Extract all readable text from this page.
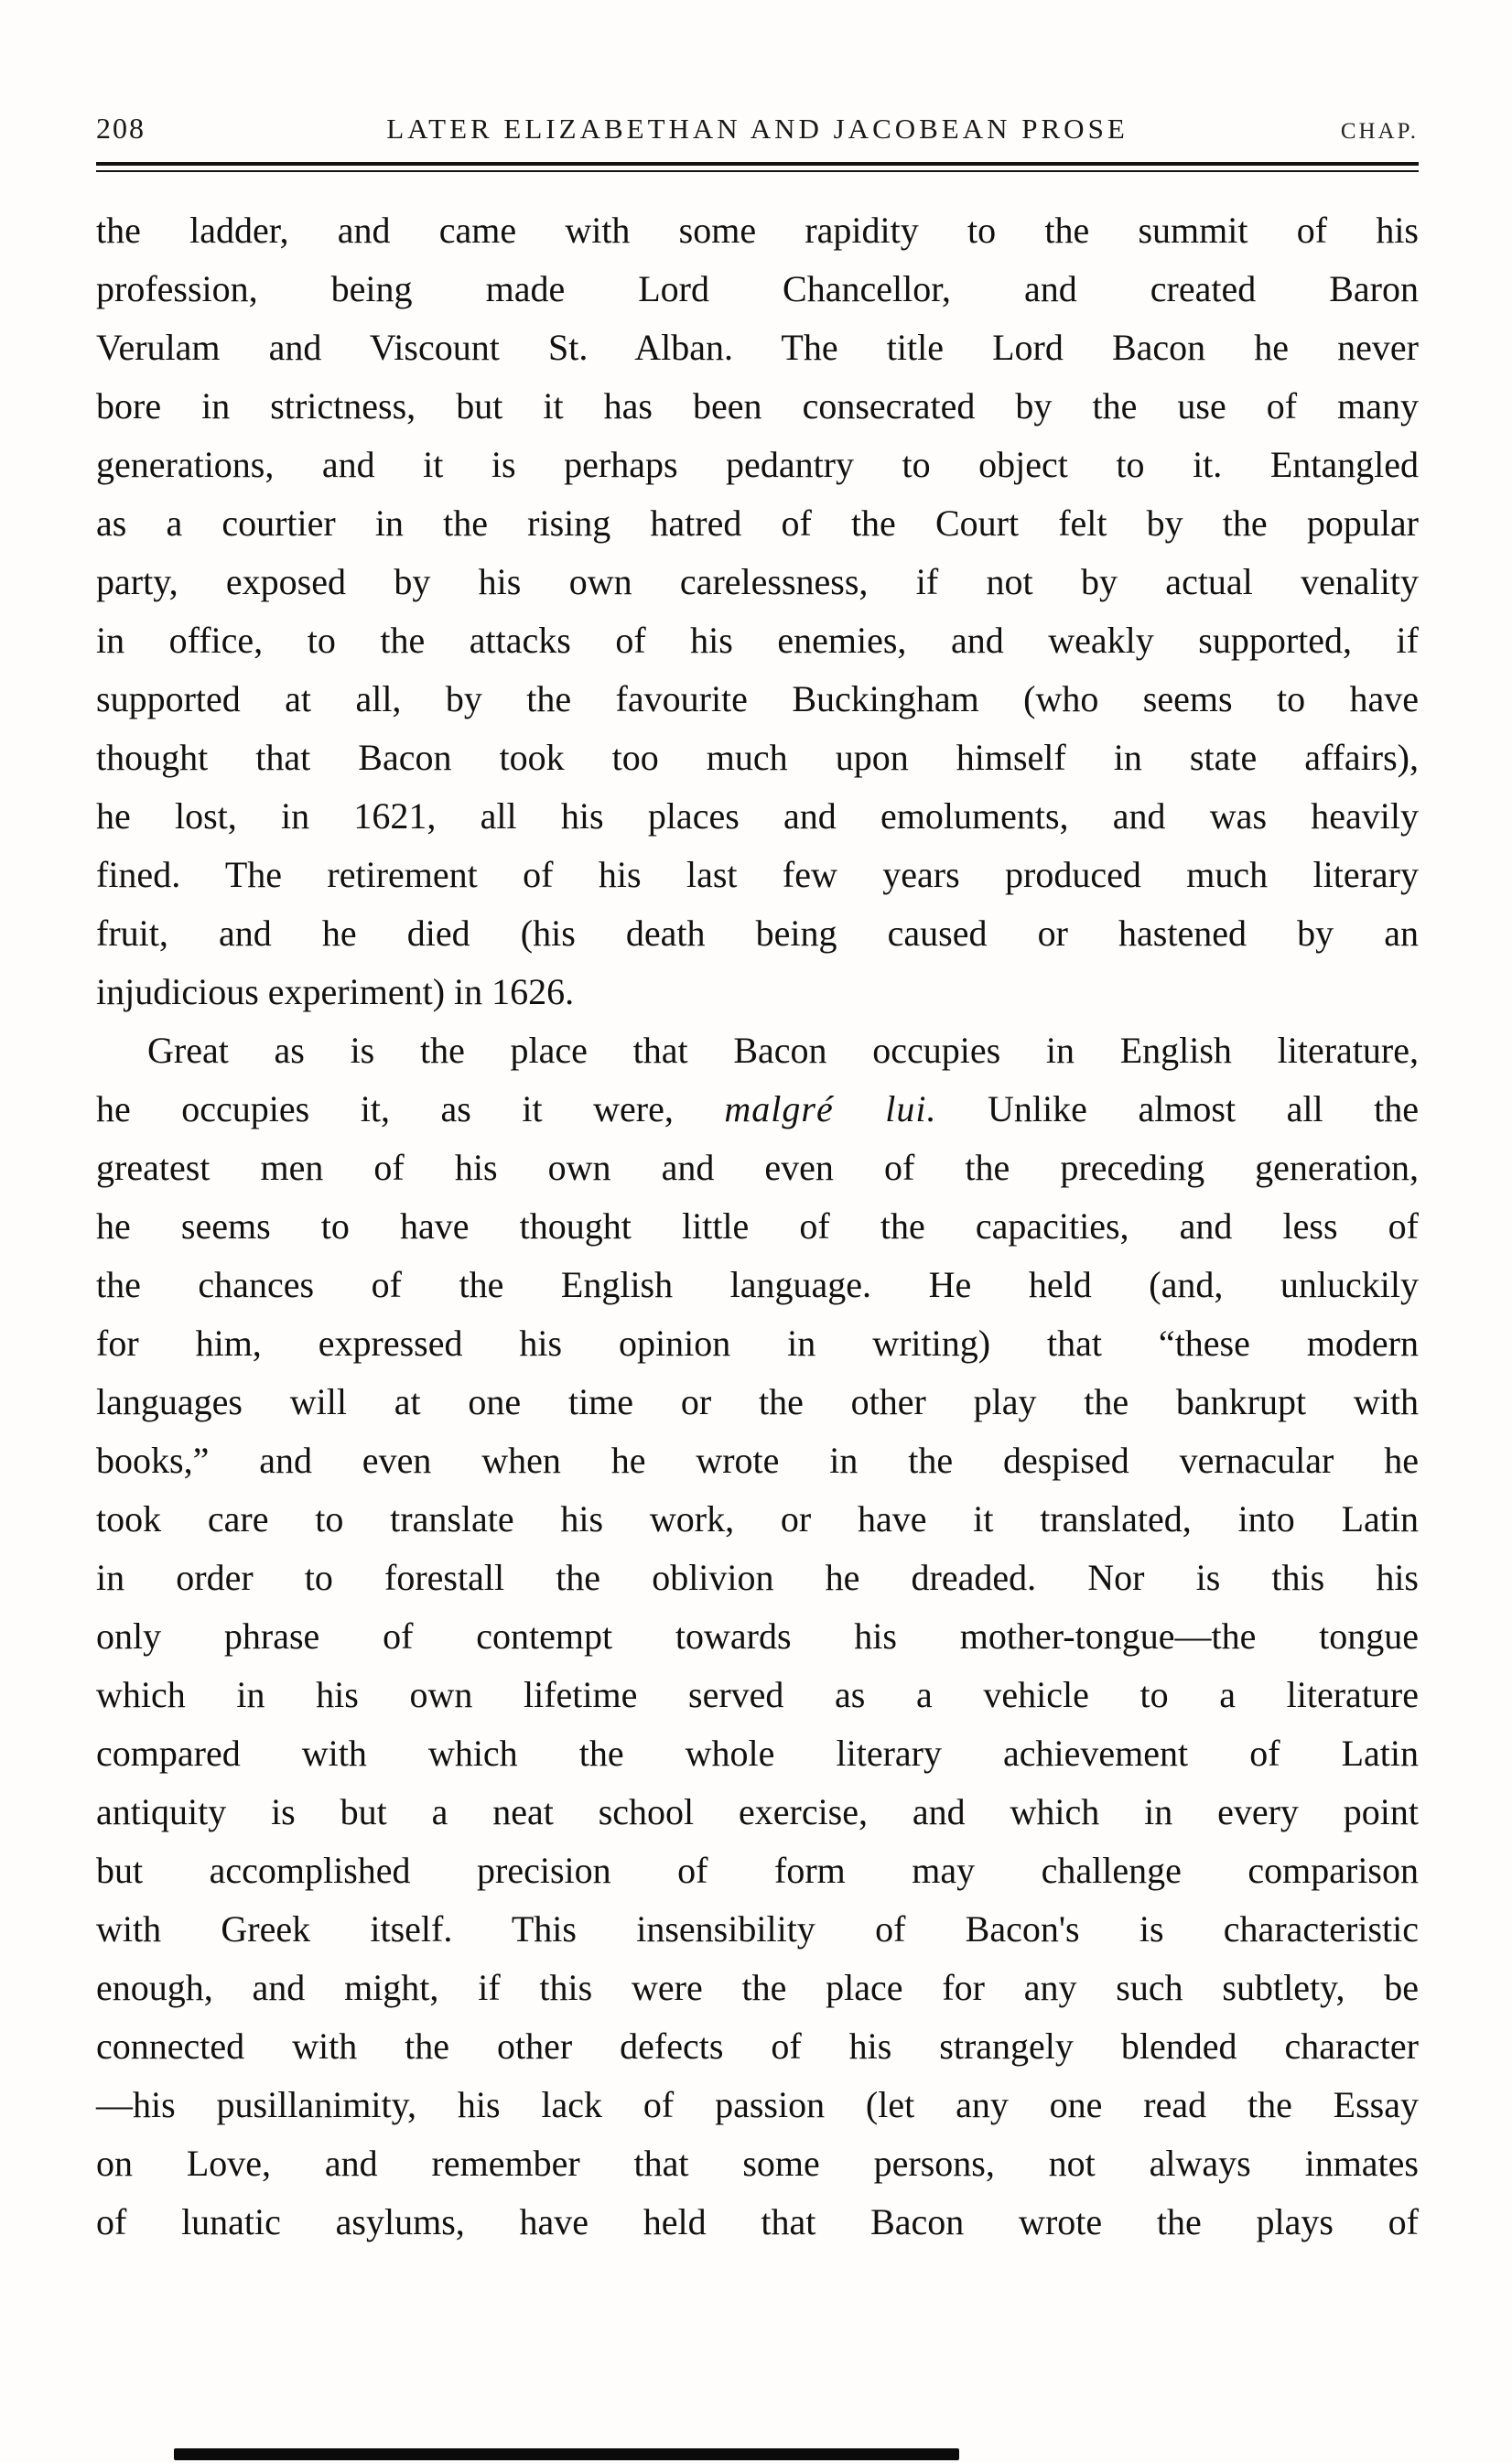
208	LATER ELIZABETHAN AND JACOBEAN PROSE	CHAP.
the ladder, and came with some rapidity to the summit of his
profession, being made Lord Chancellor, and created Baron
Verulam and Viscount St. Alban. The title Lord Bacon he never
bore in strictness, but it has been consecrated by the use of many
generations, and it is perhaps pedantry to object to it. Entangled
as a courtier in the rising hatred of the Court felt by the popular
party, exposed by his own carelessness, if not by actual venality
in office, to the attacks of his enemies, and weakly supported, if
supported at all, by the favourite Buckingham (who seems to have
thought that Bacon took too much upon himself in state affairs),
he lost, in 1621, all his places and emoluments, and was heavily
fined. The retirement of his last few years produced much literary
fruit, and he died (his death being caused or hastened by an
injudicious experiment) in 1626.
Great as is the place that Bacon occupies in English literature,
he occupies it, as it were, malgré lui. Unlike almost all the
greatest men of his own and even of the preceding generation,
he seems to have thought little of the capacities, and less of
the chances of the English language. He held (and, unluckily
for him, expressed his opinion in writing) that “these modern
languages will at one time or the other play the bankrupt with
books,” and even when he wrote in the despised vernacular he
took care to translate his work, or have it translated, into Latin
in order to forestall the oblivion he dreaded. Nor is this his
only phrase of contempt towards his mother-tongue—the tongue
which in his own lifetime served as a vehicle to a literature
compared with which the whole literary achievement of Latin
antiquity is but a neat school exercise, and which in every point
but accomplished precision of form may challenge comparison
with Greek itself. This insensibility of Bacon's is characteristic
enough, and might, if this were the place for any such subtlety, be
connected with the other defects of his strangely blended character
—his pusillanimity, his lack of passion (let any one read the Essay
on Love, and remember that some persons, not always inmates
of lunatic asylums, have held that Bacon wrote the plays of
